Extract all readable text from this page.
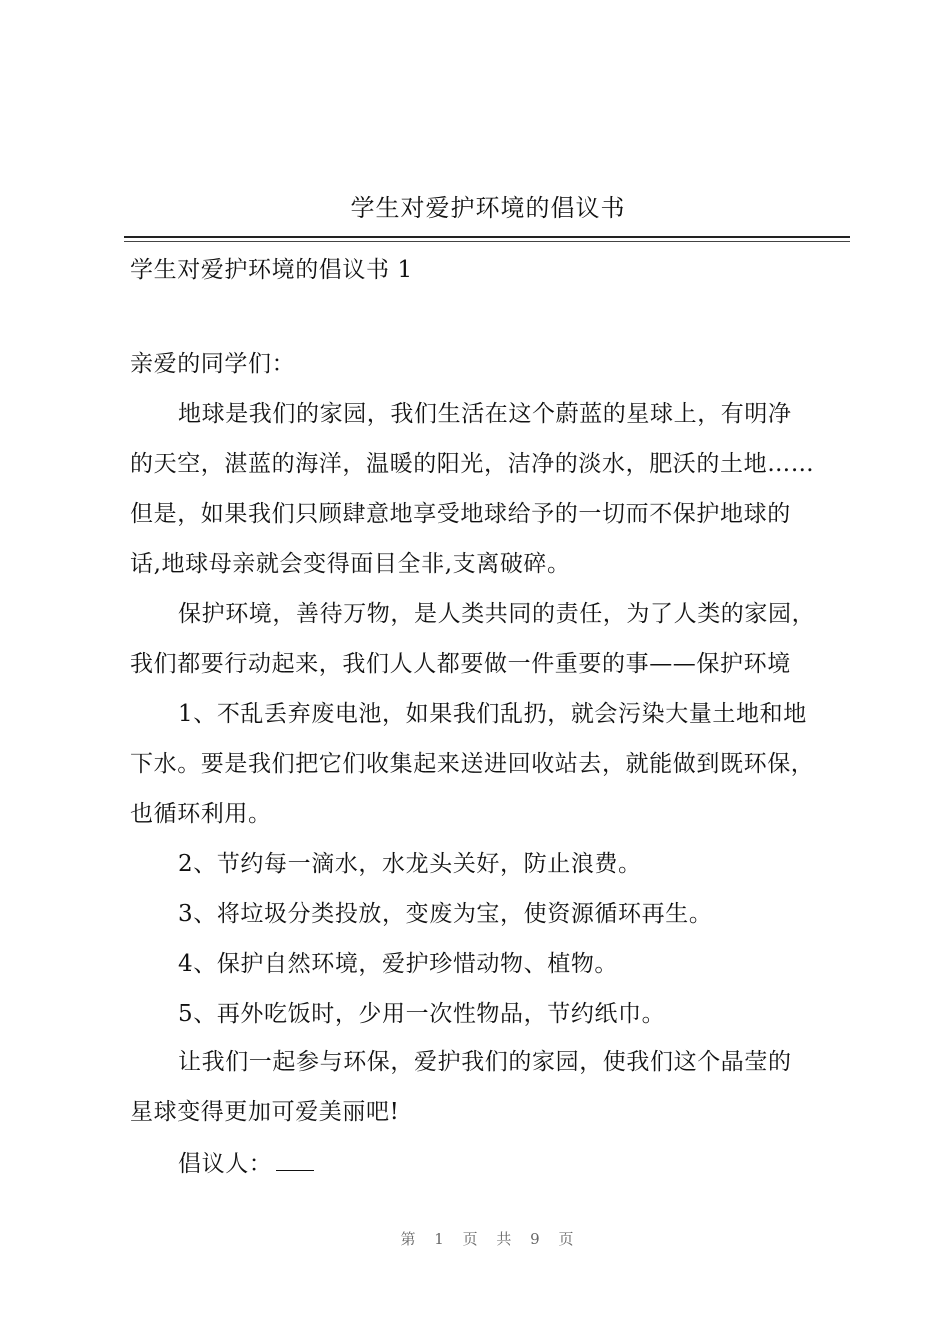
学生对爱护环境的倡议书
学生对爱护环境的倡议书 1
亲爱的同学们：
地球是我们的家园，我们生活在这个蔚蓝的星球上，有明净
的天空，湛蓝的海洋，温暖的阳光，洁净的淡水，肥沃的土地……
但是，如果我们只顾肆意地享受地球给予的一切而不保护地球的
话,地球母亲就会变得面目全非,支离破碎。
保护环境，善待万物，是人类共同的责任，为了人类的家园，
我们都要行动起来，我们人人都要做一件重要的事——保护环境
1、不乱丢弃废电池，如果我们乱扔，就会污染大量土地和地
下水。要是我们把它们收集起来送进回收站去，就能做到既环保，
也循环利用。
2、节约每一滴水，水龙头关好，防止浪费。
3、将垃圾分类投放，变废为宝，使资源循环再生。
4、保护自然环境，爱护珍惜动物、植物。
5、再外吃饭时，少用一次性物品，节约纸巾。
让我们一起参与环保，爱护我们的家园，使我们这个晶莹的
星球变得更加可爱美丽吧!
倡议人：
第 1 页 共 9 页
